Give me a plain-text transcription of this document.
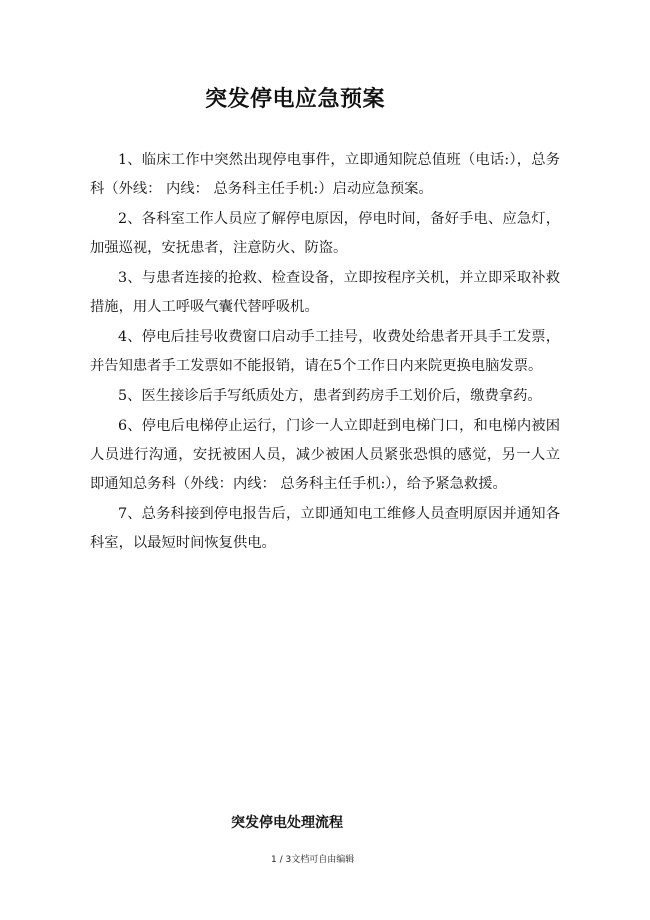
突发停电应急预案

1、临床工作中突然出现停电事件，立即通知院总值班（电话:），总务科（外线： 内线： 总务科主任手机:）启动应急预案。

2、各科室工作人员应了解停电原因，停电时间，备好手电、应急灯，加强巡视，安抚患者，注意防火、防盗。

3、与患者连接的抢救、检查设备，立即按程序关机，并立即采取补救措施，用人工呼吸气囊代替呼吸机。

4、停电后挂号收费窗口启动手工挂号，收费处给患者开具手工发票，并告知患者手工发票如不能报销，请在5个工作日内来院更换电脑发票。

5、医生接诊后手写纸质处方，患者到药房手工划价后，缴费拿药。

6、停电后电梯停止运行，门诊一人立即赶到电梯门口，和电梯内被困人员进行沟通，安抚被困人员，减少被困人员紧张恐惧的感觉，另一人立即通知总务科（外线：内线： 总务科主任手机:），给予紧急救援。

7、总务科接到停电报告后，立即通知电工维修人员查明原因并通知各科室，以最短时间恢复供电。

突发停电处理流程
1 / 3文档可自由编辑
